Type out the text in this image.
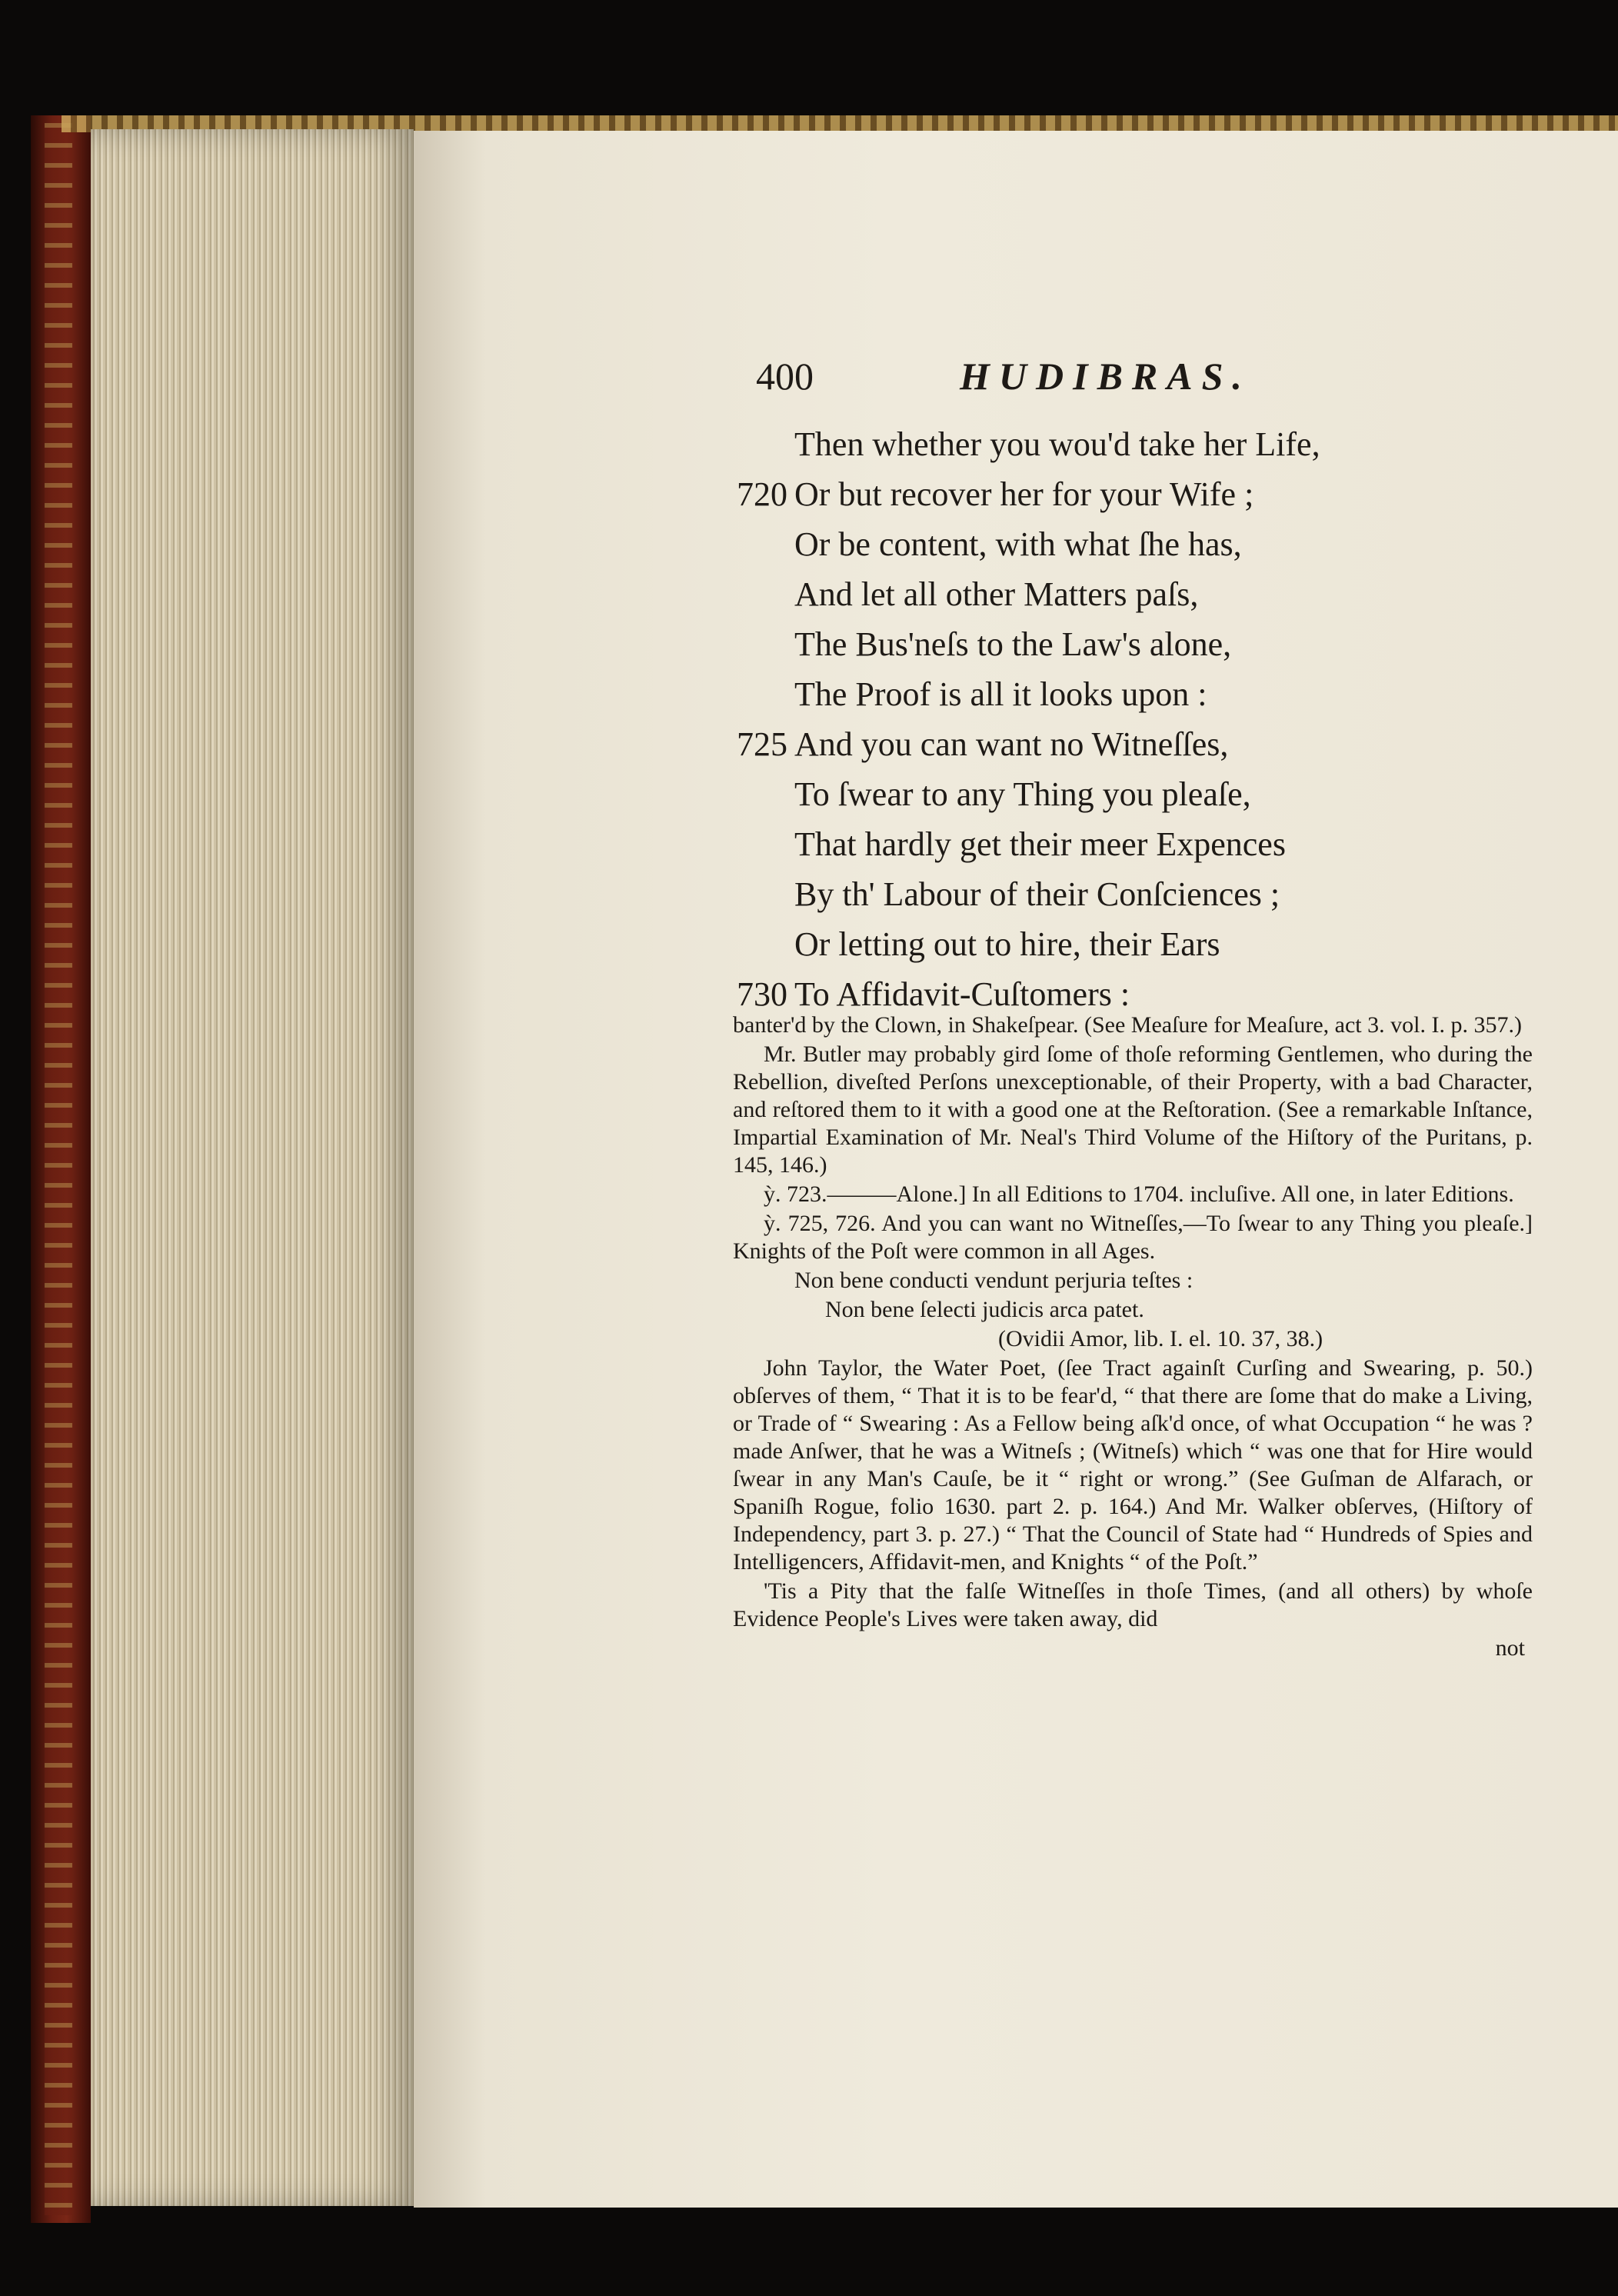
400	HUDIBRAS.
Then whether you wou'd take her Life,
720 Or but recover her for your Wife ;
Or be content, with what ſhe has,
And let all other Matters paſs,
The Bus'neſs to the Law's alone,
The Proof is all it looks upon :
725 And you can want no Witneſſes,
To ſwear to any Thing you pleaſe,
That hardly get their meer Expences
By th' Labour of their Conſciences ;
Or letting out to hire, their Ears
730 To Affidavit-Cuſtomers :

banter'd by the Clown, in Shakeſpear. (See Meaſure for Meaſure, act 3. vol. I. p. 357.)

Mr. Butler may probably gird ſome of thoſe reforming Gentlemen, who during the Rebellion, diveſted Perſons unexceptionable, of their Property, with a bad Character, and reſtored them to it with a good one at the Reſtoration. (See a remarkable Inſtance, Impartial Examination of Mr. Neal's Third Volume of the Hiſtory of the Puritans, p. 145, 146.)

ỳ. 723.———Alone.] In all Editions to 1704. incluſive. All one, in later Editions.

ỳ. 725, 726. And you can want no Witneſſes,—To ſwear to any Thing you pleaſe.] Knights of the Poſt were common in all Ages.

Non bene conducti vendunt perjuria teſtes :

Non bene ſelecti judicis arca patet.

(Ovidii Amor, lib. I. el. 10. 37, 38.)

John Taylor, the Water Poet, (ſee Tract againſt Curſing and Swearing, p. 50.) obſerves of them, “ That it is to be fear'd, “ that there are ſome that do make a Living, or Trade of “ Swearing : As a Fellow being aſk'd once, of what Occupation “ he was ? made Anſwer, that he was a Witneſs ; (Witneſs) which “ was one that for Hire would ſwear in any Man's Cauſe, be it “ right or wrong.” (See Guſman de Alfarach, or Spaniſh Rogue, folio 1630. part 2. p. 164.) And Mr. Walker obſerves, (Hiſtory of Independency, part 3. p. 27.) “ That the Council of State had “ Hundreds of Spies and Intelligencers, Affidavit-men, and Knights “ of the Poſt.”

'Tis a Pity that the falſe Witneſſes in thoſe Times, (and all others) by whoſe Evidence People's Lives were taken away, did

not
